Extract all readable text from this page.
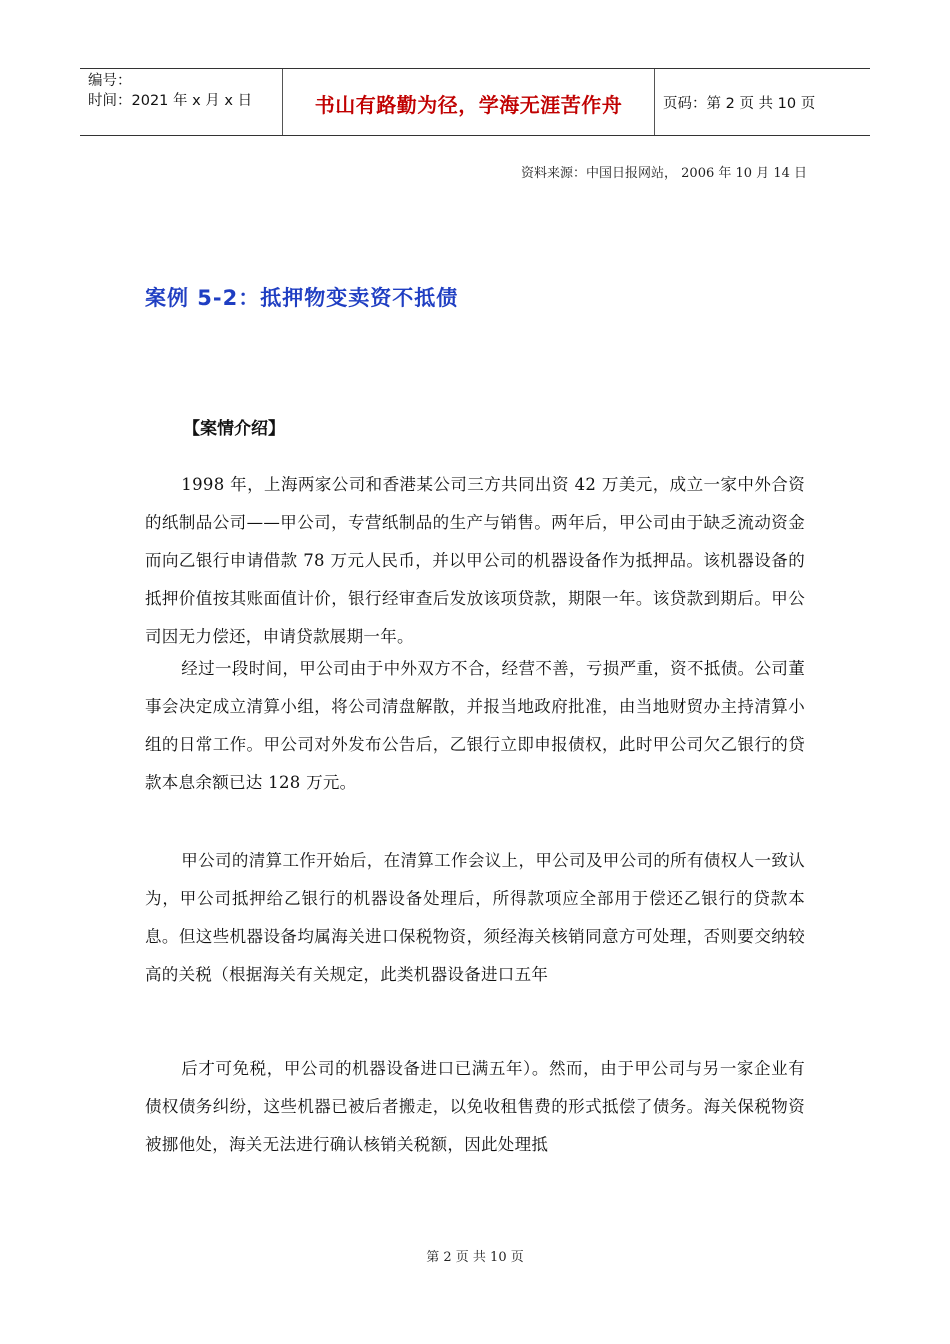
编号：
时间：2021 年 x 月 x 日	书山有路勤为径，学海无涯苦作舟	页码：第 2 页 共 10 页
资料来源：中国日报网站， 2006 年 10 月 14 日
案例 5-2：抵押物变卖资不抵债
【案情介绍】

1998 年，上海两家公司和香港某公司三方共同出资 42 万美元，成立一家中外合资的纸制品公司——甲公司，专营纸制品的生产与销售。两年后，甲公司由于缺乏流动资金而向乙银行申请借款 78 万元人民币，并以甲公司的机器设备作为抵押品。该机器设备的抵押价值按其账面值计价，银行经审查后发放该项贷款，期限一年。该贷款到期后。甲公司因无力偿还，申请贷款展期一年。

经过一段时间，甲公司由于中外双方不合，经营不善，亏损严重，资不抵债。公司董事会决定成立清算小组，将公司清盘解散，并报当地政府批准，由当地财贸办主持清算小组的日常工作。甲公司对外发布公告后，乙银行立即申报债权，此时甲公司欠乙银行的贷款本息余额已达 128 万元。

甲公司的清算工作开始后，在清算工作会议上，甲公司及甲公司的所有债权人一致认为，甲公司抵押给乙银行的机器设备处理后，所得款项应全部用于偿还乙银行的贷款本息。但这些机器设备均属海关进口保税物资，须经海关核销同意方可处理，否则要交纳较高的关税（根据海关有关规定，此类机器设备进口五年

后才可免税，甲公司的机器设备进口已满五年）。然而，由于甲公司与另一家企业有债权债务纠纷，这些机器已被后者搬走，以免收租售费的形式抵偿了债务。海关保税物资被挪他处，海关无法进行确认核销关税额，因此处理抵

第 2 页 共 10 页
